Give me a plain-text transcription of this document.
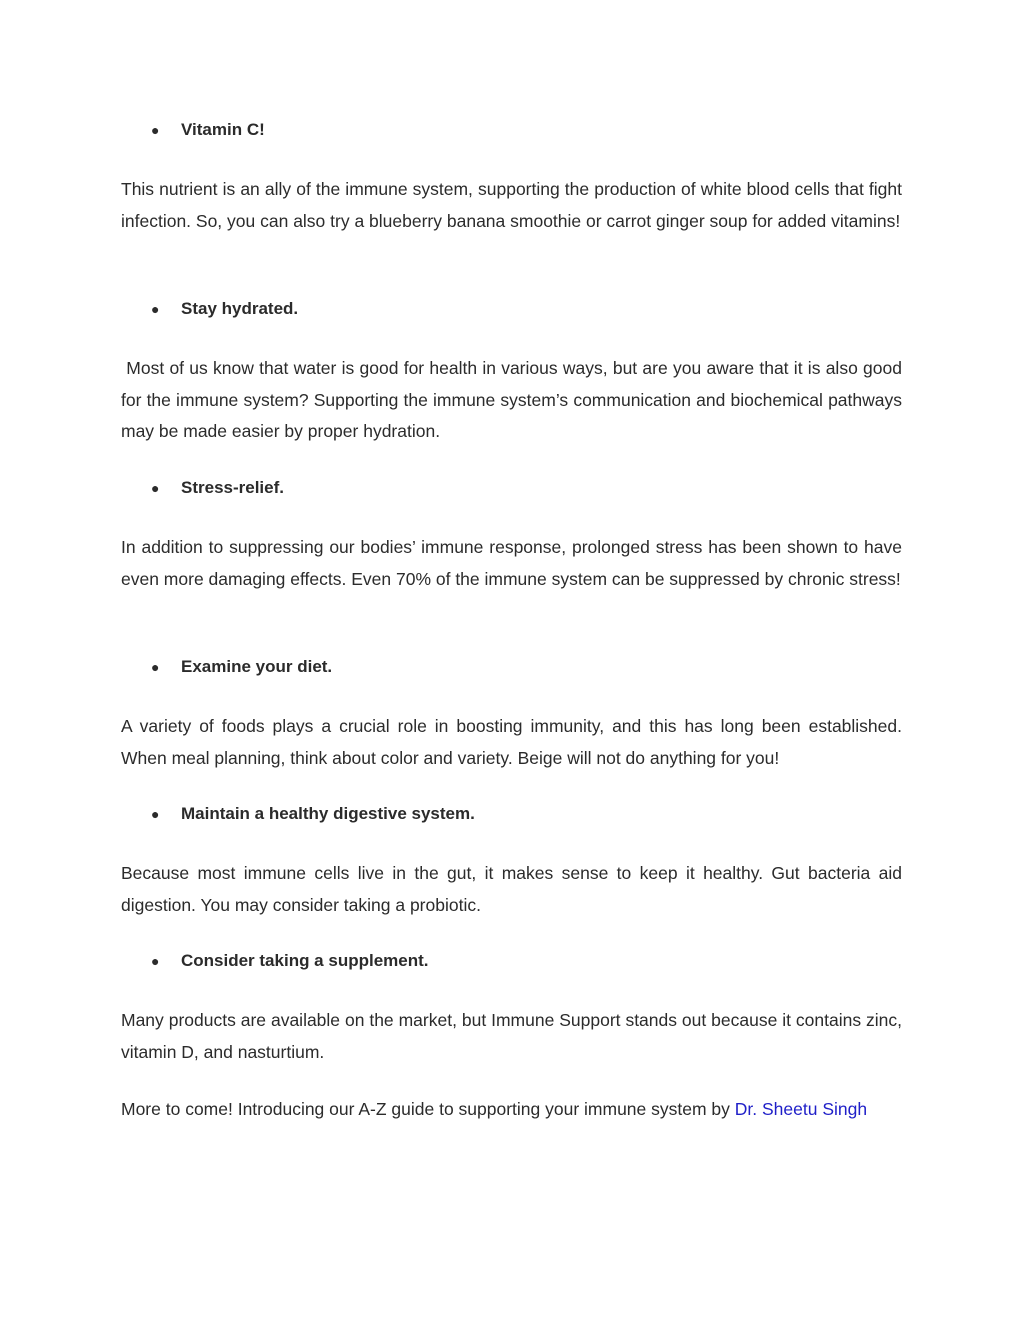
●	Vitamin C!

This nutrient is an ally of the immune system, supporting the production of white blood cells that fight infection. So, you can also try a blueberry banana smoothie or carrot ginger soup for added vitamins!

●	Stay hydrated.

Most of us know that water is good for health in various ways, but are you aware that it is also good for the immune system? Supporting the immune system’s communication and biochemical pathways may be made easier by proper hydration.

●	Stress-relief.

In addition to suppressing our bodies’ immune response, prolonged stress has been shown to have even more damaging effects. Even 70% of the immune system can be suppressed by chronic stress!

●	Examine your diet.

A variety of foods plays a crucial role in boosting immunity, and this has long been established. When meal planning, think about color and variety. Beige will not do anything for you!

●	Maintain a healthy digestive system.

Because most immune cells live in the gut, it makes sense to keep it healthy. Gut bacteria aid digestion. You may consider taking a probiotic.

●	Consider taking a supplement.

Many products are available on the market, but Immune Support stands out because it contains zinc, vitamin D, and nasturtium.

More to come! Introducing our A-Z guide to supporting your immune system by Dr. Sheetu Singh
